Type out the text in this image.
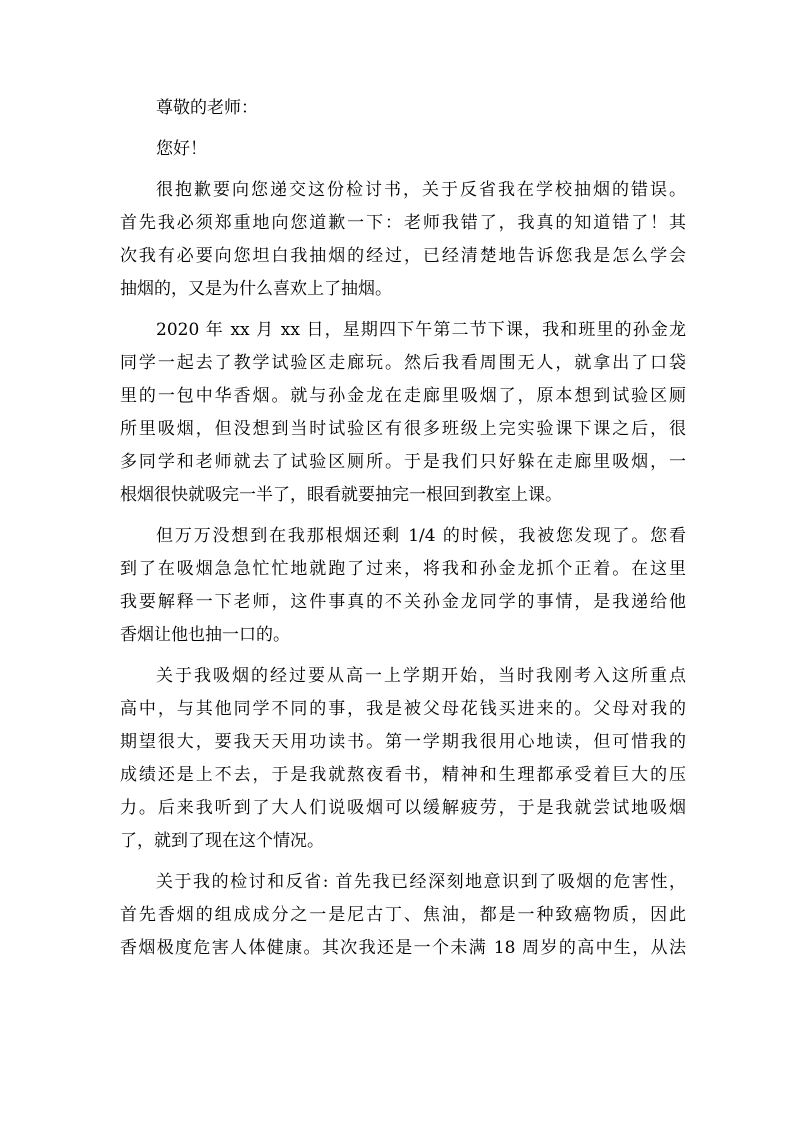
尊敬的老师：
您好！
很抱歉要向您递交这份检讨书，关于反省我在学校抽烟的错误。
首先我必须郑重地向您道歉一下：老师我错了，我真的知道错了！其
次我有必要向您坦白我抽烟的经过，已经清楚地告诉您我是怎么学会
抽烟的，又是为什么喜欢上了抽烟。
2020 年 xx 月 xx 日，星期四下午第二节下课，我和班里的孙金龙
同学一起去了教学试验区走廊玩。然后我看周围无人，就拿出了口袋
里的一包中华香烟。就与孙金龙在走廊里吸烟了，原本想到试验区厕
所里吸烟，但没想到当时试验区有很多班级上完实验课下课之后，很
多同学和老师就去了试验区厕所。于是我们只好躲在走廊里吸烟，一
根烟很快就吸完一半了，眼看就要抽完一根回到教室上课。
但万万没想到在我那根烟还剩 1/4 的时候，我被您发现了。您看
到了在吸烟急急忙忙地就跑了过来，将我和孙金龙抓个正着。在这里
我要解释一下老师，这件事真的不关孙金龙同学的事情，是我递给他
香烟让他也抽一口的。
关于我吸烟的经过要从高一上学期开始，当时我刚考入这所重点
高中，与其他同学不同的事，我是被父母花钱买进来的。父母对我的
期望很大，要我天天用功读书。第一学期我很用心地读，但可惜我的
成绩还是上不去，于是我就熬夜看书，精神和生理都承受着巨大的压
力。后来我听到了大人们说吸烟可以缓解疲劳，于是我就尝试地吸烟
了，就到了现在这个情况。
关于我的检讨和反省: 首先我已经深刻地意识到了吸烟的危害性，
首先香烟的组成成分之一是尼古丁、焦油，都是一种致癌物质，因此
香烟极度危害人体健康。其次我还是一个未满 18 周岁的高中生，从法
